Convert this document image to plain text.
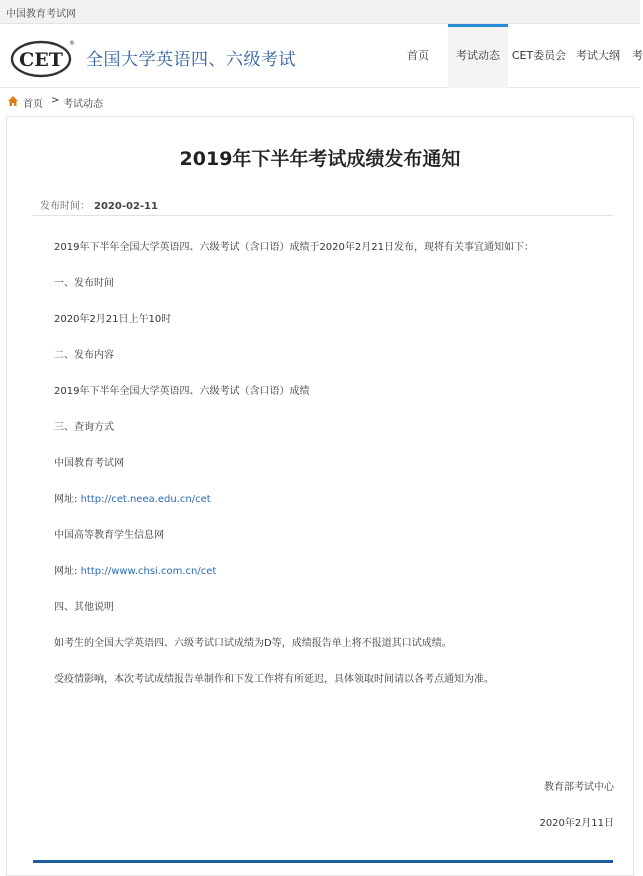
中国教育考试网
CET
®
全国大学英语四、六级考试	首页	考试动态	CET委员会 考试大纲	考
首页 > 考试动态
2019年下半年考试成绩发布通知
发布时间： 2020-02-11
2019年下半年全国大学英语四、六级考试（含口语）成绩于2020年2月21日发布，现将有关事宜通知如下：
一、发布时间
2020年2月21日上午10时
二、发布内容
2019年下半年全国大学英语四、六级考试（含口语）成绩
三、查询方式
中国教育考试网
网址: http://cet.neea.edu.cn/cet
中国高等教育学生信息网
网址: http://www.chsi.com.cn/cet
四、其他说明
如考生的全国大学英语四、六级考试口试成绩为D等，成绩报告单上将不报道其口试成绩。
受疫情影响，本次考试成绩报告单制作和下发工作将有所延迟，具体领取时间请以各考点通知为准。
教育部考试中心
2020年2月11日
